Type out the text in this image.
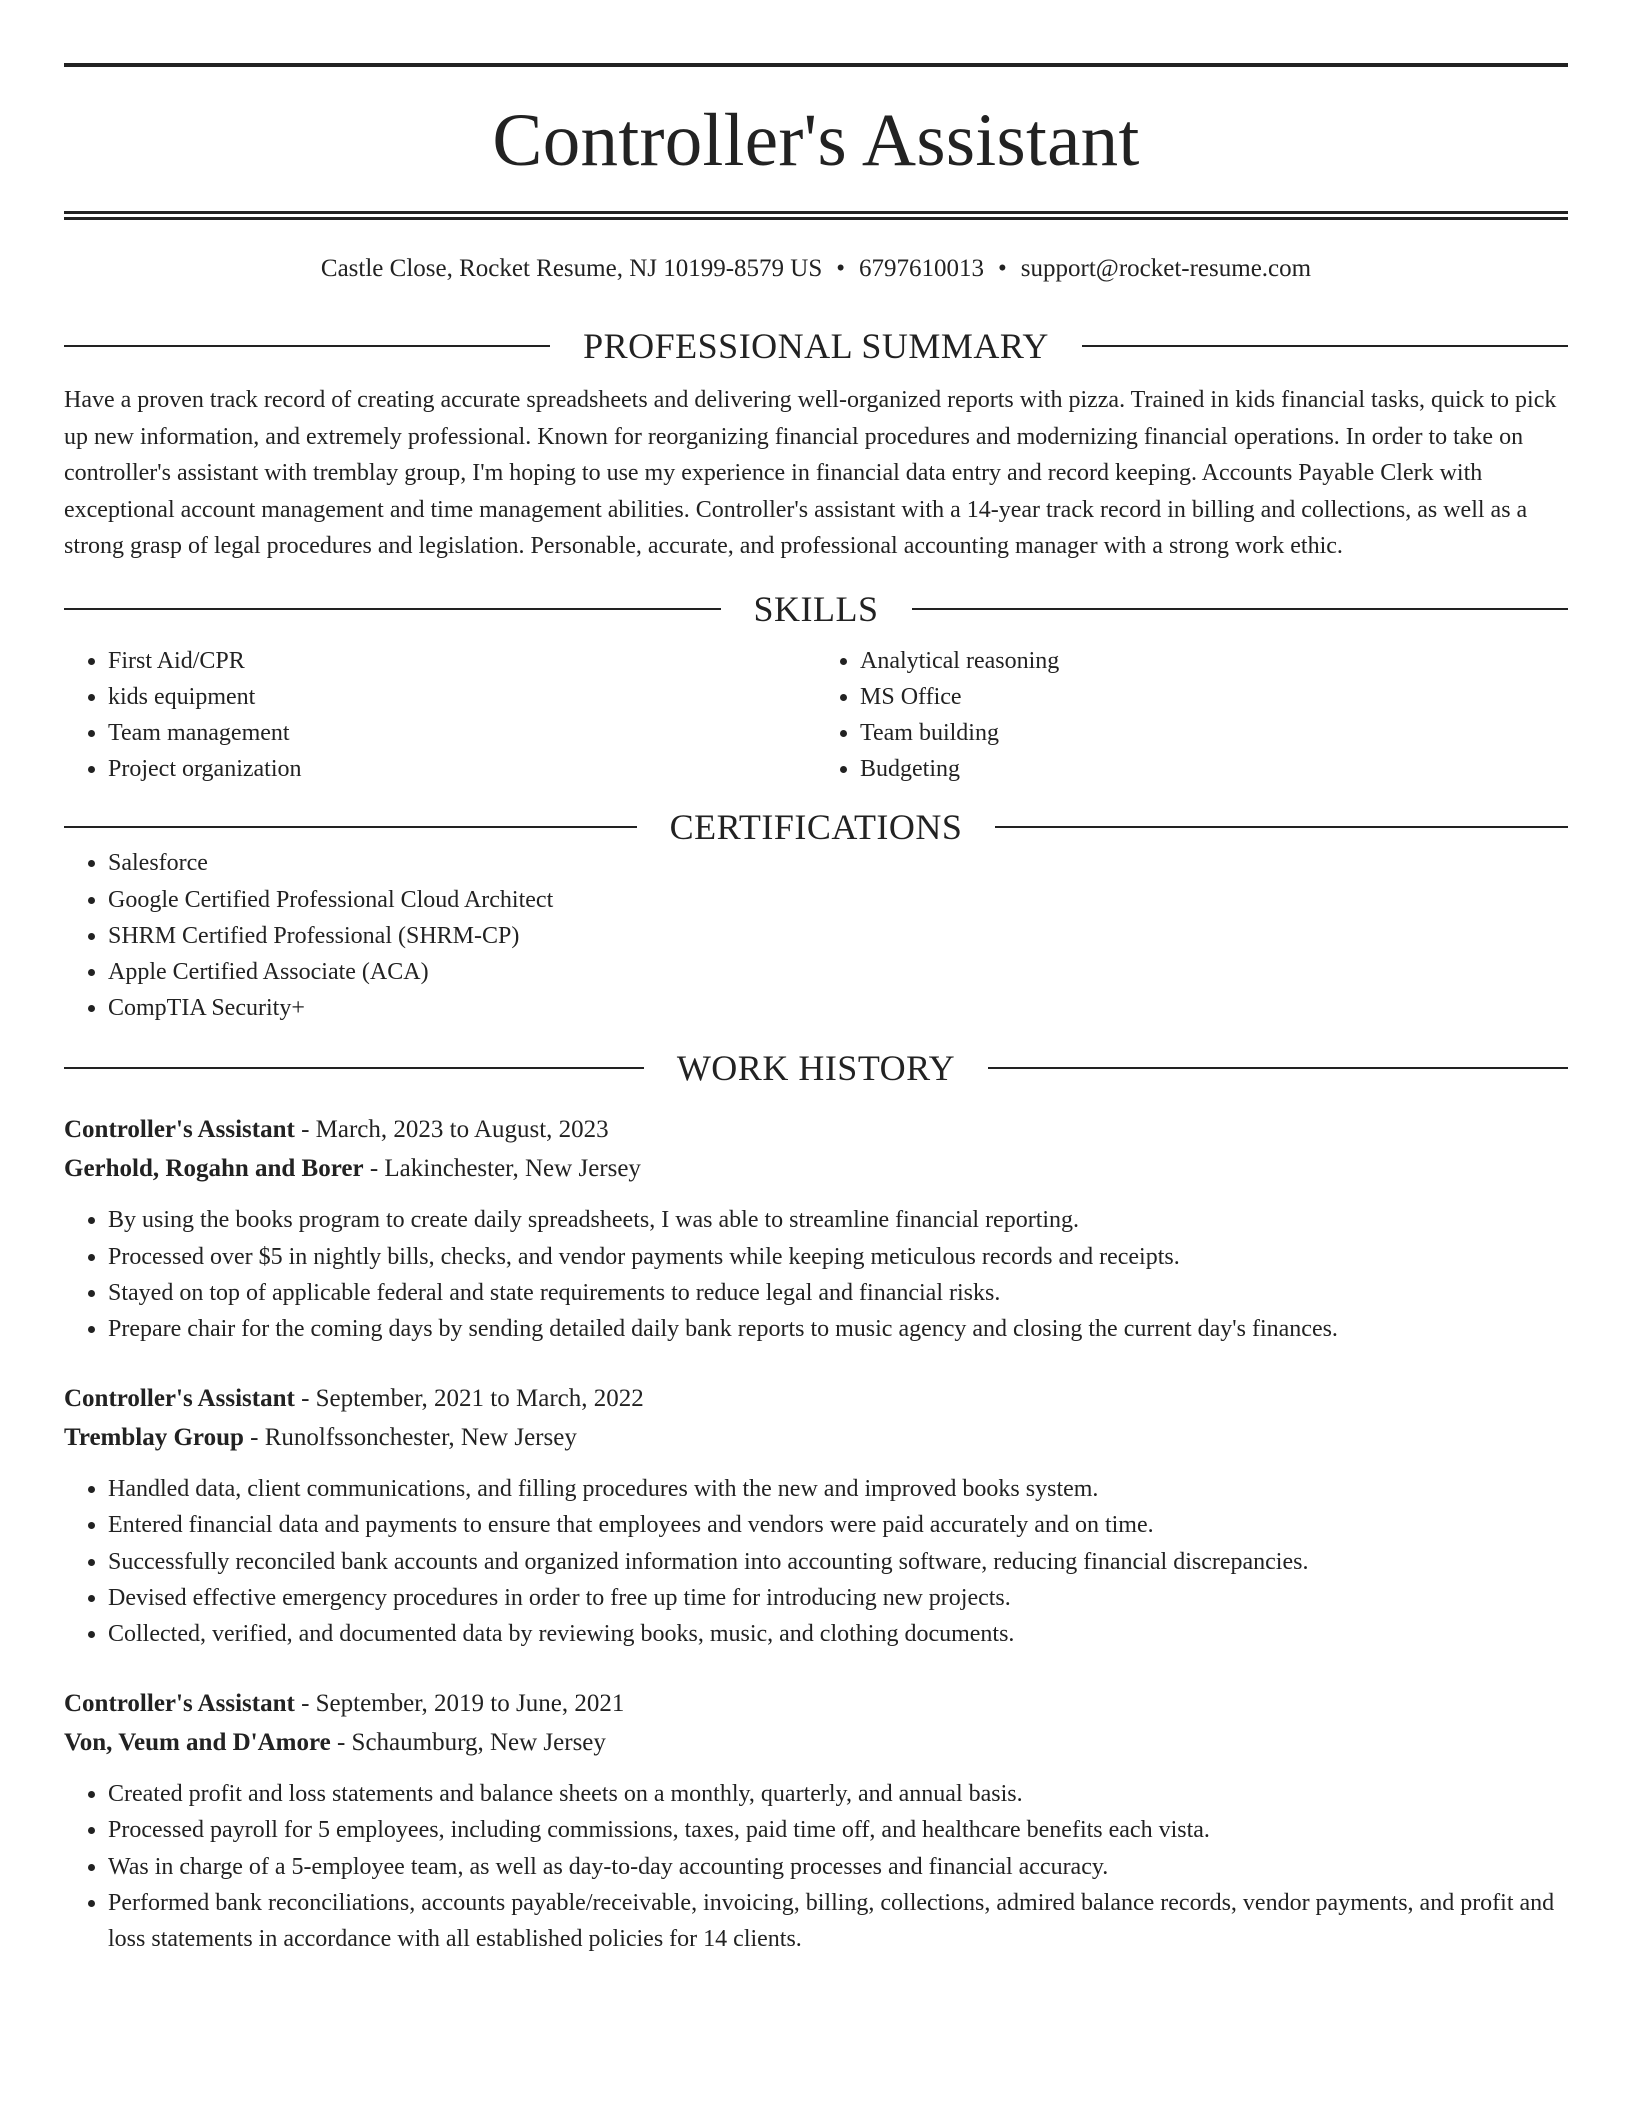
Controller's Assistant
Castle Close, Rocket Resume, NJ 10199-8579 US • 6797610013 • support@rocket-resume.com
PROFESSIONAL SUMMARY
Have a proven track record of creating accurate spreadsheets and delivering well-organized reports with pizza. Trained in kids financial tasks, quick to pick up new information, and extremely professional. Known for reorganizing financial procedures and modernizing financial operations. In order to take on controller's assistant with tremblay group, I'm hoping to use my experience in financial data entry and record keeping. Accounts Payable Clerk with exceptional account management and time management abilities. Controller's assistant with a 14-year track record in billing and collections, as well as a strong grasp of legal procedures and legislation. Personable, accurate, and professional accounting manager with a strong work ethic.
SKILLS
• First Aid/CPR
• kids equipment
• Team management
• Project organization
• Analytical reasoning
• MS Office
• Team building
• Budgeting
CERTIFICATIONS
• Salesforce
• Google Certified Professional Cloud Architect
• SHRM Certified Professional (SHRM-CP)
• Apple Certified Associate (ACA)
• CompTIA Security+
WORK HISTORY
Controller's Assistant - March, 2023 to August, 2023
Gerhold, Rogahn and Borer - Lakinchester, New Jersey
• By using the books program to create daily spreadsheets, I was able to streamline financial reporting.
• Processed over $5 in nightly bills, checks, and vendor payments while keeping meticulous records and receipts.
• Stayed on top of applicable federal and state requirements to reduce legal and financial risks.
• Prepare chair for the coming days by sending detailed daily bank reports to music agency and closing the current day's finances.
Controller's Assistant - September, 2021 to March, 2022
Tremblay Group - Runolfssonchester, New Jersey
• Handled data, client communications, and filling procedures with the new and improved books system.
• Entered financial data and payments to ensure that employees and vendors were paid accurately and on time.
• Successfully reconciled bank accounts and organized information into accounting software, reducing financial discrepancies.
• Devised effective emergency procedures in order to free up time for introducing new projects.
• Collected, verified, and documented data by reviewing books, music, and clothing documents.
Controller's Assistant - September, 2019 to June, 2021
Von, Veum and D'Amore - Schaumburg, New Jersey
• Created profit and loss statements and balance sheets on a monthly, quarterly, and annual basis.
• Processed payroll for 5 employees, including commissions, taxes, paid time off, and healthcare benefits each vista.
• Was in charge of a 5-employee team, as well as day-to-day accounting processes and financial accuracy.
• Performed bank reconciliations, accounts payable/receivable, invoicing, billing, collections, admired balance records, vendor payments, and profit and loss statements in accordance with all established policies for 14 clients.
